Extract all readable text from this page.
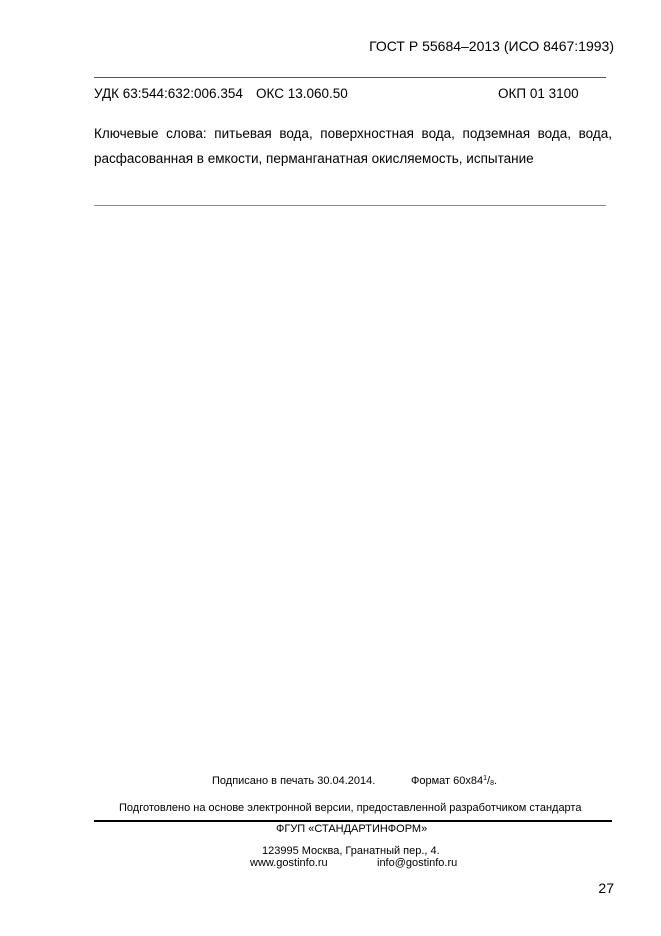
ГОСТ Р 55684–2013 (ИСО 8467:1993)
УДК 63:544:632:006.354 ОКС 13.060.50	ОКП 01 3100
Ключевые слова: питьевая вода, поверхностная вода, подземная вода, вода,
расфасованная в емкости, перманганатная окисляемость, испытание
Подписано в печать 30.04.2014.	Формат $60х84^1/_8$.
Подготовлено на основе электронной версии, предоставленной разработчиком стандарта
ФГУП «СТАНДАРТИНФОРМ»
123995 Москва, Гранатный пер., 4.
www.gostinfo.ru	info@gostinfo.ru
27
